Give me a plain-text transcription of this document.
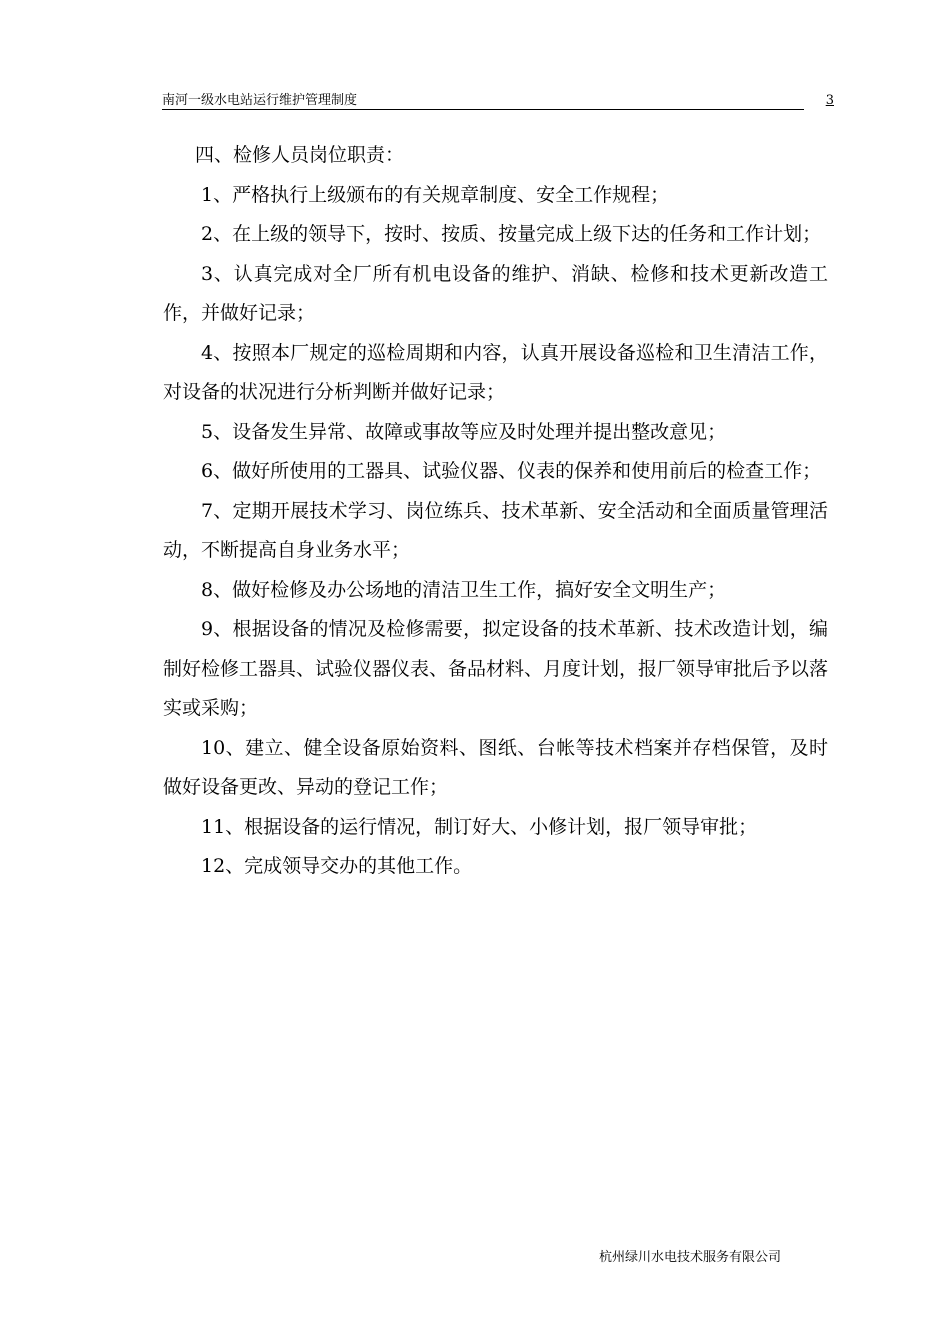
南河一级水电站运行维护管理制度	3

四、检修人员岗位职责：

1、严格执行上级颁布的有关规章制度、安全工作规程；

2、在上级的领导下，按时、按质、按量完成上级下达的任务和工作计划；

3、认真完成对全厂所有机电设备的维护、消缺、检修和技术更新改造工作，并做好记录；

4、按照本厂规定的巡检周期和内容，认真开展设备巡检和卫生清洁工作，对设备的状况进行分析判断并做好记录；

5、设备发生异常、故障或事故等应及时处理并提出整改意见；

6、做好所使用的工器具、试验仪器、仪表的保养和使用前后的检查工作；

7、定期开展技术学习、岗位练兵、技术革新、安全活动和全面质量管理活动，不断提高自身业务水平；

8、做好检修及办公场地的清洁卫生工作，搞好安全文明生产；

9、根据设备的情况及检修需要，拟定设备的技术革新、技术改造计划，编制好检修工器具、试验仪器仪表、备品材料、月度计划，报厂领导审批后予以落实或采购；

10、建立、健全设备原始资料、图纸、台帐等技术档案并存档保管，及时做好设备更改、异动的登记工作；

11、根据设备的运行情况，制订好大、小修计划，报厂领导审批；

12、完成领导交办的其他工作。

杭州绿川水电技术服务有限公司
